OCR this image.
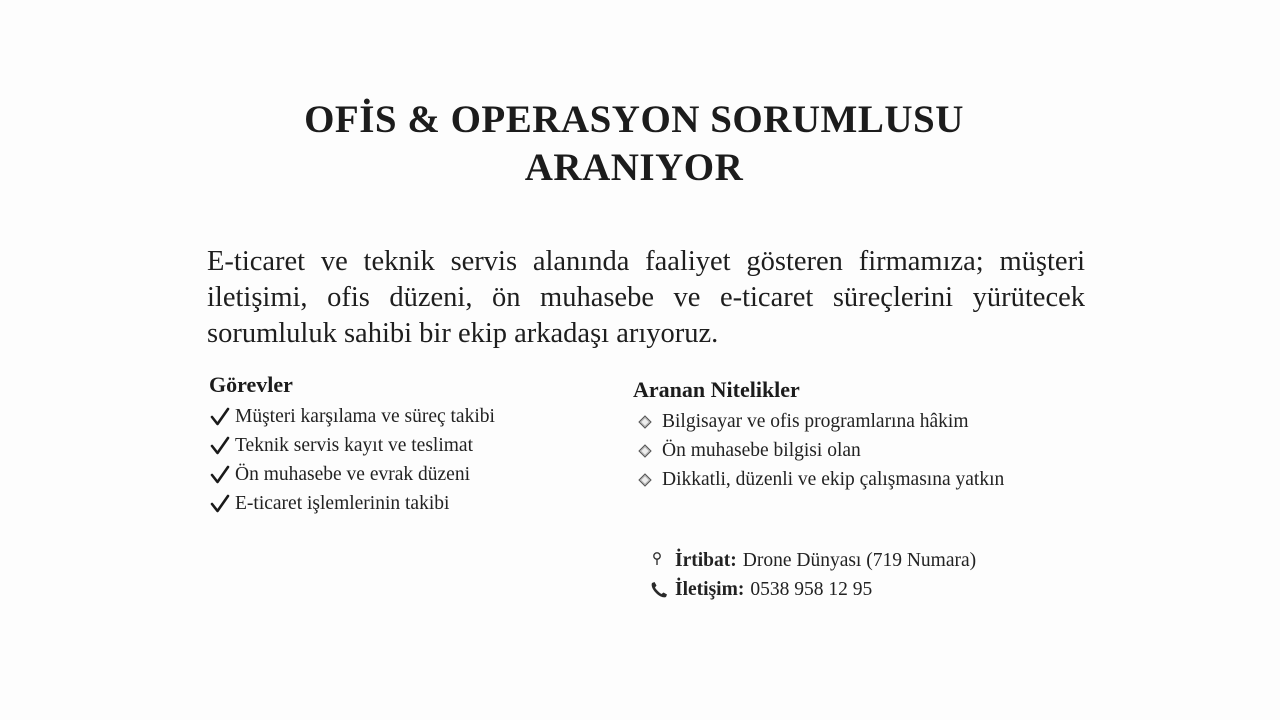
OFİS & OPERASYON SORUMLUSU
ARANIYOR
E-ticaret ve teknik servis alanında faaliyet gösteren firmamıza; müşteri iletişimi, ofis düzeni, ön muhasebe ve e-ticaret süreçlerini yürütecek sorumluluk sahibi bir ekip arkadaşı arıyoruz.
Görevler
Müşteri karşılama ve süreç takibi
Teknik servis kayıt ve teslimat
Ön muhasebe ve evrak düzeni
E-ticaret işlemlerinin takibi
Aranan Nitelikler
Bilgisayar ve ofis programlarına hâkim
Ön muhasebe bilgisi olan
Dikkatli, düzenli ve ekip çalışmasına yatkın
İrtibat: Drone Dünyası (719 Numara)
İletişim: 0538 958 12 95
